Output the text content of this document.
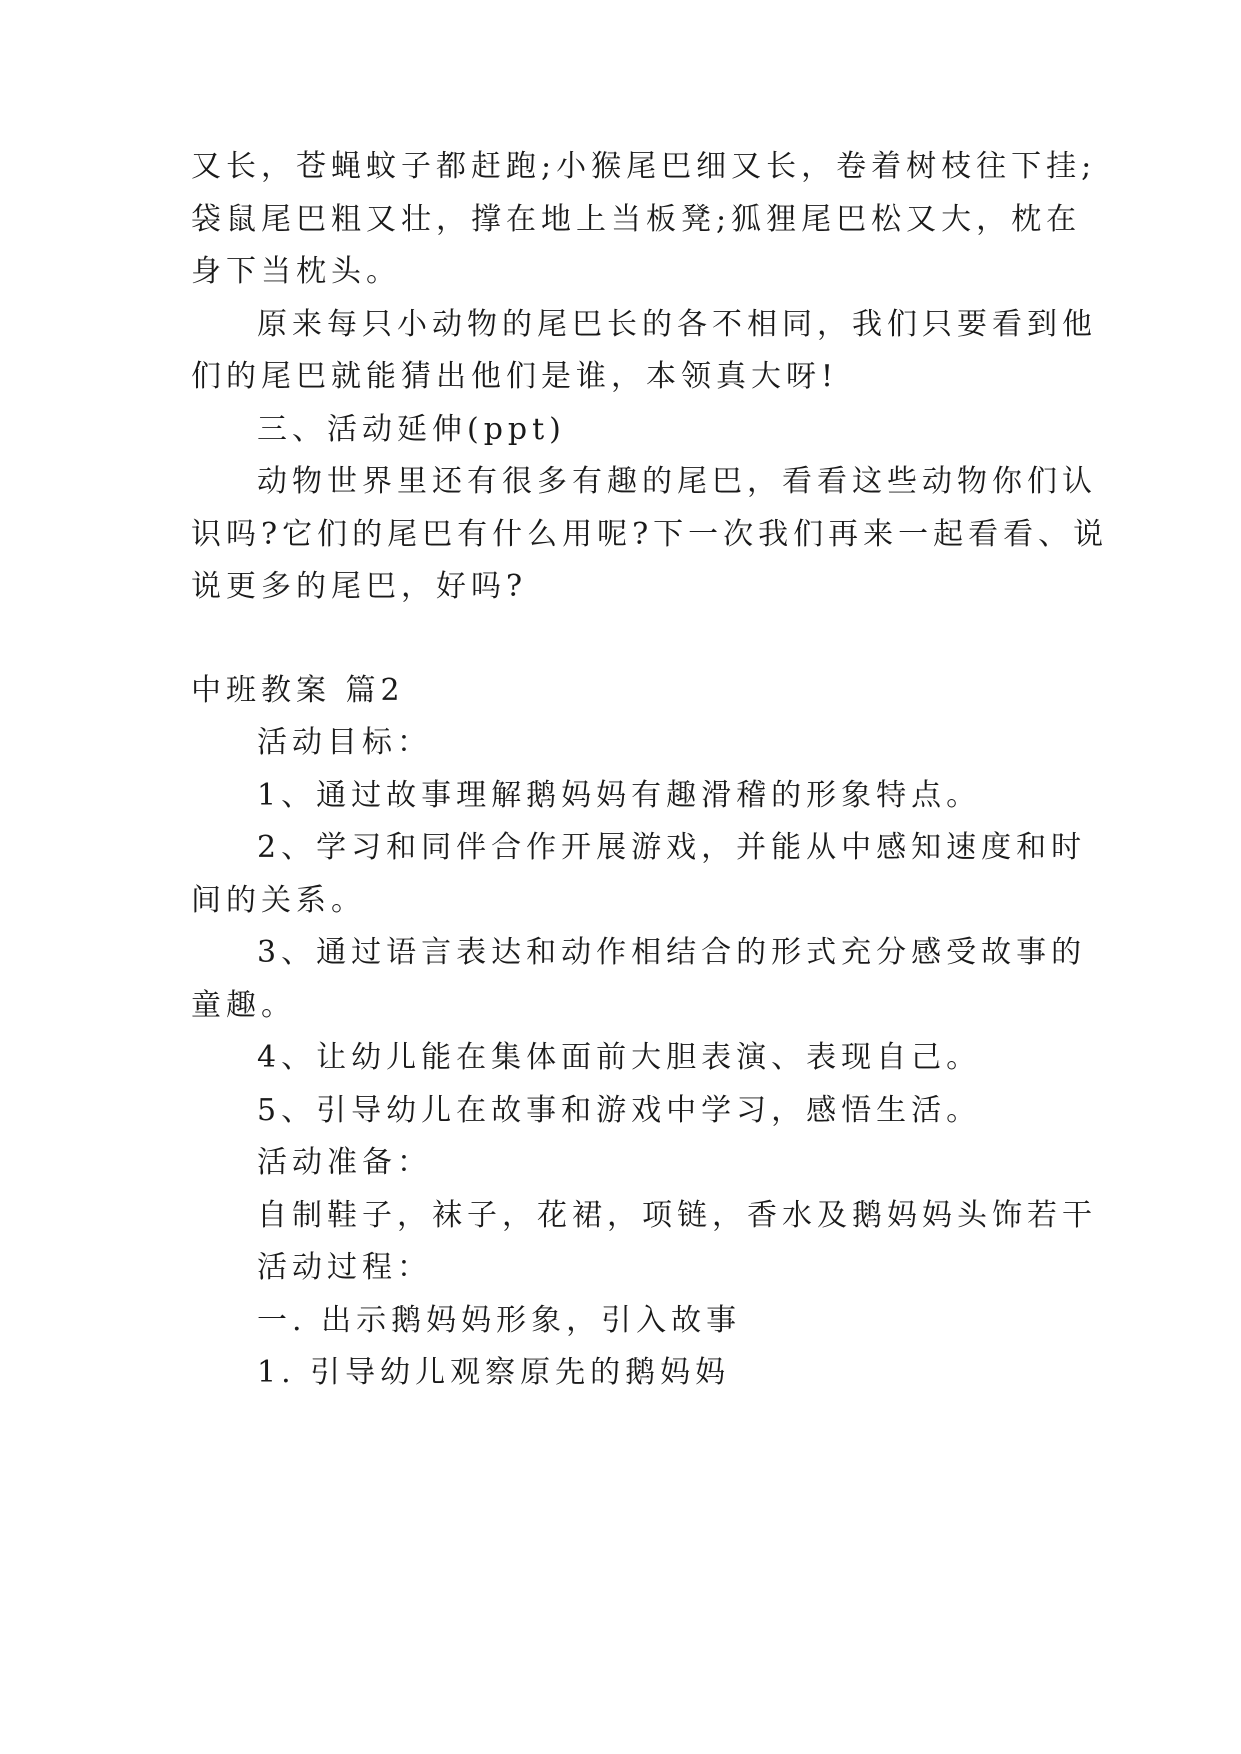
又长，苍蝇蚊子都赶跑;小猴尾巴细又长，卷着树枝往下挂;
袋鼠尾巴粗又壮，撑在地上当板凳;狐狸尾巴松又大，枕在
身下当枕头。
原来每只小动物的尾巴长的各不相同，我们只要看到他
们的尾巴就能猜出他们是谁，本领真大呀!
三、活动延伸(ppt)
动物世界里还有很多有趣的尾巴，看看这些动物你们认
识吗?它们的尾巴有什么用呢?下一次我们再来一起看看、说
说更多的尾巴，好吗?
中班教案 篇2
活动目标：
1、通过故事理解鹅妈妈有趣滑稽的形象特点。
2、学习和同伴合作开展游戏，并能从中感知速度和时
间的关系。
3、通过语言表达和动作相结合的形式充分感受故事的
童趣。
4、让幼儿能在集体面前大胆表演、表现自己。
5、引导幼儿在故事和游戏中学习，感悟生活。
活动准备：
自制鞋子，袜子，花裙，项链，香水及鹅妈妈头饰若干
活动过程：
一. 出示鹅妈妈形象，引入故事
1. 引导幼儿观察原先的鹅妈妈
